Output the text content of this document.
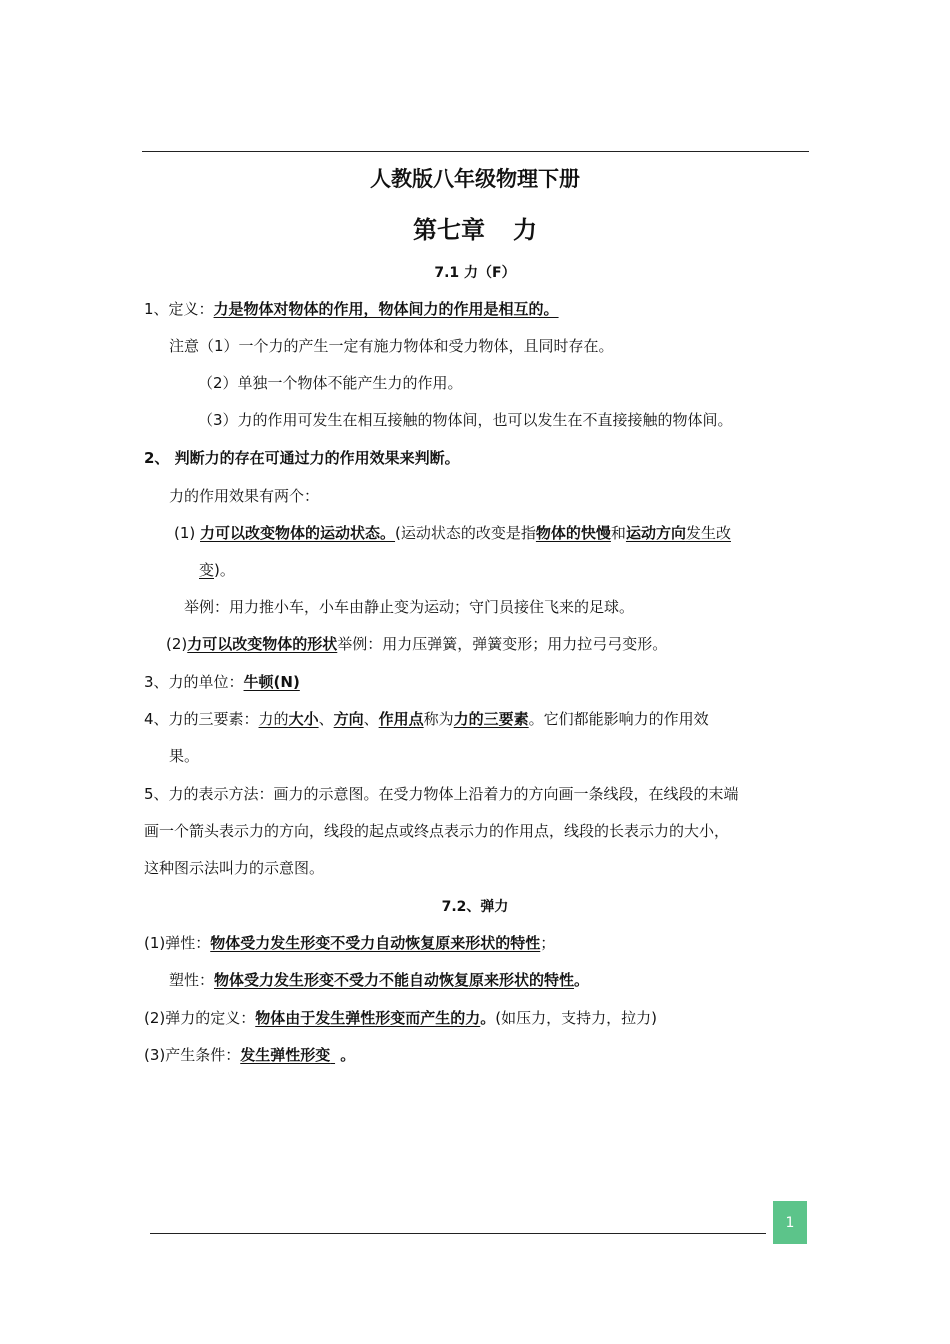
人教版八年级物理下册
第七章 力
7.1 力（F）
1、定义：力是物体对物体的作用，物体间力的作用是相互的。
注意（1）一个力的产生一定有施力物体和受力物体，且同时存在。
（2）单独一个物体不能产生力的作用。
（3）力的作用可发生在相互接触的物体间，也可以发生在不直接接触的物体间。
2、 判断力的存在可通过力的作用效果来判断。
力的作用效果有两个：
(1) 力可以改变物体的运动状态。(运动状态的改变是指物体的快慢和运动方向发生改
变)。
举例：用力推小车，小车由静止变为运动；守门员接住飞来的足球。
(2)力可以改变物体的形状举例：用力压弹簧，弹簧变形；用力拉弓弓变形。
3、力的单位：牛顿(N)
4、力的三要素：力的大小、方向、作用点称为力的三要素。它们都能影响力的作用效
果。
5、力的表示方法：画力的示意图。在受力物体上沿着力的方向画一条线段，在线段的末端
画一个箭头表示力的方向，线段的起点或终点表示力的作用点，线段的长表示力的大小，
这种图示法叫力的示意图。
7.2、弹力
(1)弹性：物体受力发生形变不受力自动恢复原来形状的特性；
塑性：物体受力发生形变不受力不能自动恢复原来形状的特性。
(2)弹力的定义：物体由于发生弹性形变而产生的力。(如压力，支持力，拉力)
(3)产生条件：发生弹性形变 。
1
